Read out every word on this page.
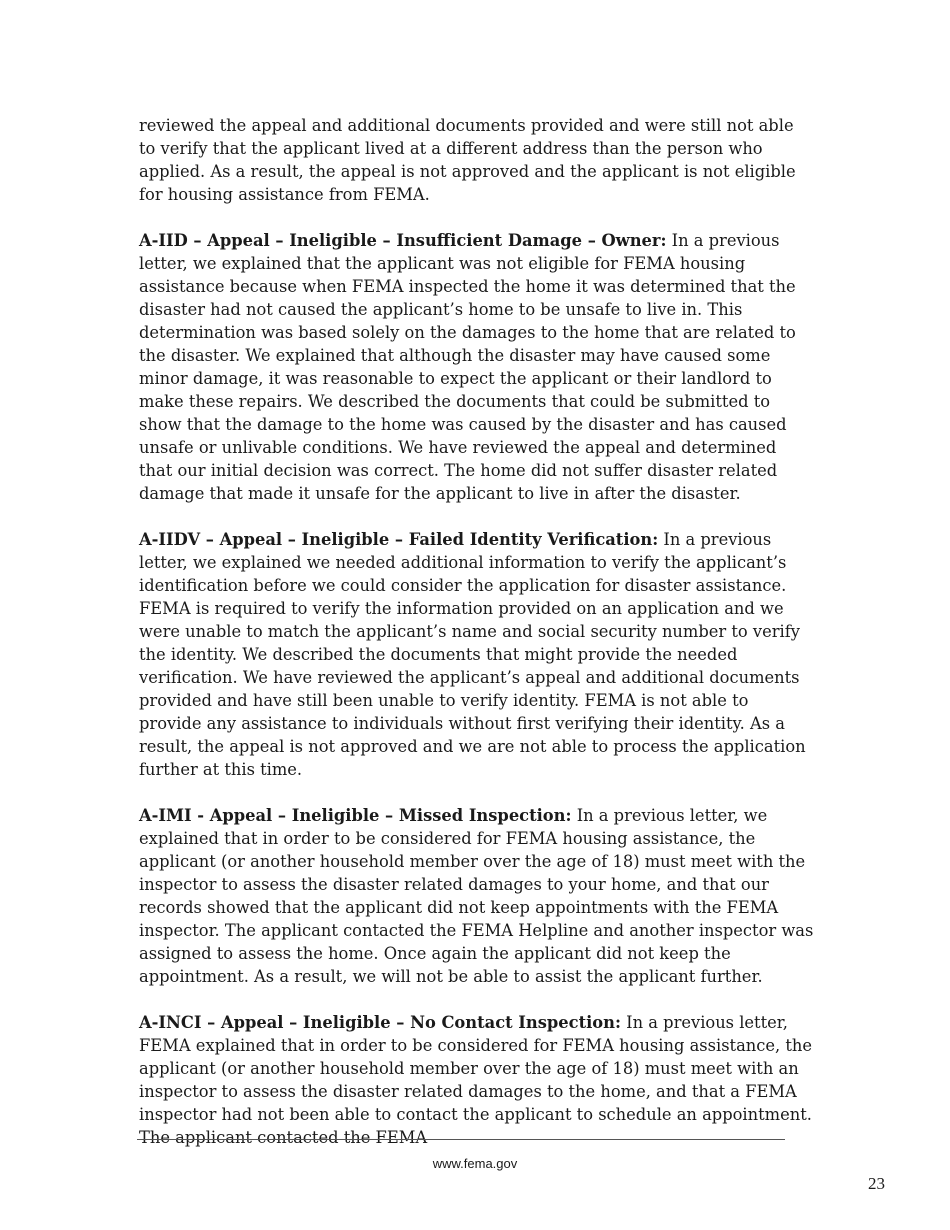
reviewed the appeal and additional documents provided and were still not able to verify that the applicant lived at a different address than the person who applied. As a result, the appeal is not approved and the applicant is not eligible for housing assistance from FEMA.

A-IID – Appeal – Ineligible – Insufficient Damage – Owner: In a previous letter, we explained that the applicant was not eligible for FEMA housing assistance because when FEMA inspected the home it was determined that the disaster had not caused the applicant’s home to be unsafe to live in. This determination was based solely on the damages to the home that are related to the disaster. We explained that although the disaster may have caused some minor damage, it was reasonable to expect the applicant or their landlord to make these repairs. We described the documents that could be submitted to show that the damage to the home was caused by the disaster and has caused unsafe or unlivable conditions. We have reviewed the appeal and determined that our initial decision was correct. The home did not suffer disaster related damage that made it unsafe for the applicant to live in after the disaster.

A-IIDV – Appeal – Ineligible – Failed Identity Verification: In a previous letter, we explained we needed additional information to verify the applicant’s identification before we could consider the application for disaster assistance. FEMA is required to verify the information provided on an application and we were unable to match the applicant’s name and social security number to verify the identity. We described the documents that might provide the needed verification. We have reviewed the applicant’s appeal and additional documents provided and have still been unable to verify identity. FEMA is not able to provide any assistance to individuals without first verifying their identity. As a result, the appeal is not approved and we are not able to process the application further at this time.

A-IMI - Appeal – Ineligible – Missed Inspection: In a previous letter, we explained that in order to be considered for FEMA housing assistance, the applicant (or another household member over the age of 18) must meet with the inspector to assess the disaster related damages to your home, and that our records showed that the applicant did not keep appointments with the FEMA inspector. The applicant contacted the FEMA Helpline and another inspector was assigned to assess the home. Once again the applicant did not keep the appointment. As a result, we will not be able to assist the applicant further.

A-INCI – Appeal – Ineligible – No Contact Inspection: In a previous letter, FEMA explained that in order to be considered for FEMA housing assistance, the applicant (or another household member over the age of 18) must meet with an inspector to assess the disaster related damages to the home, and that a FEMA inspector had not been able to contact the applicant to schedule an appointment. The applicant contacted the FEMA

www.fema.gov
23
